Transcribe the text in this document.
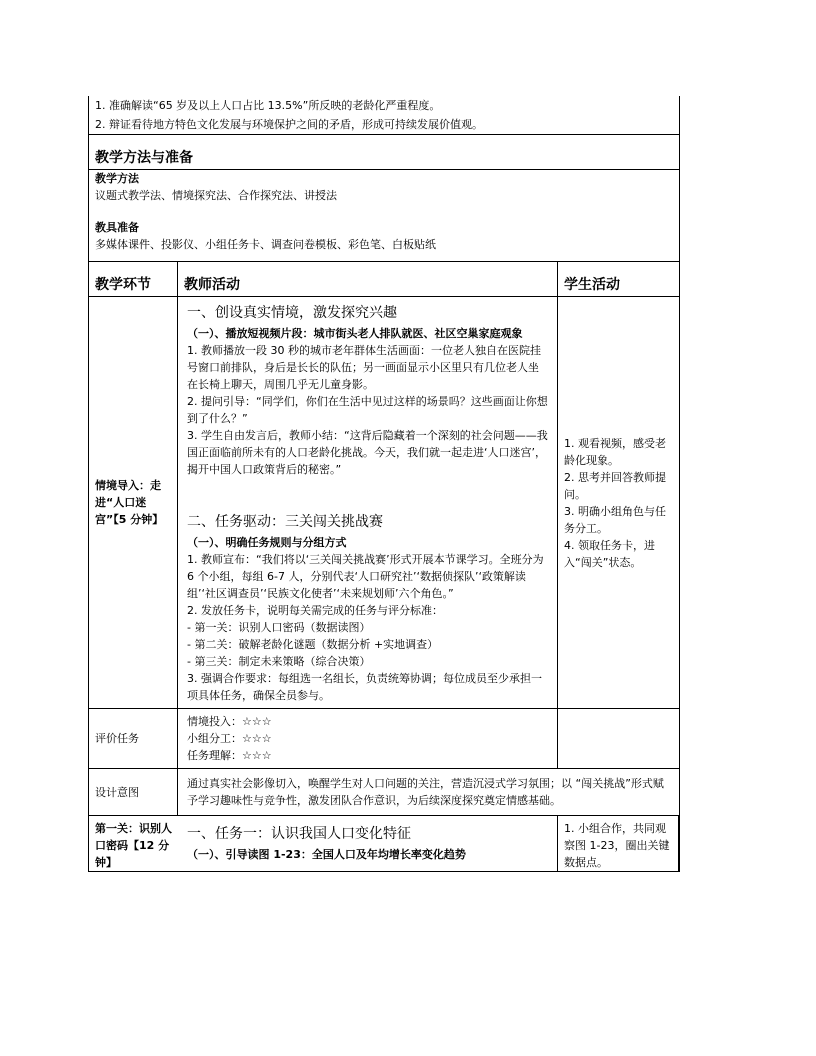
1. 准确解读“65 岁及以上人口占比 13.5%”所反映的老龄化严重程度。
2. 辩证看待地方特色文化发展与环境保护之间的矛盾，形成可持续发展价值观。
教学方法与准备
教学方法
议题式教学法、情境探究法、合作探究法、讲授法
教具准备
多媒体课件、投影仪、小组任务卡、调查问卷模板、彩色笔、白板贴纸
教学环节	教师活动	学生活动
情境导入：走进“人口迷宫”【5 分钟】
一、创设真实情境，激发探究兴趣
（一）、播放短视频片段：城市街头老人排队就医、社区空巢家庭观象
1. 教师播放一段 30 秒的城市老年群体生活画面：一位老人独自在医院挂号窗口前排队，身后是长长的队伍；另一画面显示小区里只有几位老人坐在长椅上聊天，周围几乎无儿童身影。
2. 提问引导：“同学们，你们在生活中见过这样的场景吗？这些画面让你想到了什么？”
3. 学生自由发言后，教师小结：“这背后隐藏着一个深刻的社会问题——我国正面临前所未有的人口老龄化挑战。今天，我们就一起走进‘人口迷宫’，揭开中国人口政策背后的秘密。”
二、任务驱动：三关闯关挑战赛
（一）、明确任务规则与分组方式
1. 教师宣布：“我们将以‘三关闯关挑战赛’形式开展本节课学习。全班分为 6 个小组，每组 6-7 人，分别代表‘人口研究社’‘数据侦探队’‘政策解读组’‘社区调查员’‘民族文化使者’‘未来规划师’六个角色。”
2. 发放任务卡，说明每关需完成的任务与评分标准：
- 第一关：识别人口密码（数据读图）
- 第二关：破解老龄化谜题（数据分析 +实地调查）
- 第三关：制定未来策略（综合决策）
3. 强调合作要求：每组选一名组长，负责统筹协调；每位成员至少承担一项具体任务，确保全员参与。
1. 观看视频，感受老龄化现象。
2. 思考并回答教师提问。
3. 明确小组角色与任务分工。
4. 领取任务卡，进入“闯关”状态。
评价任务
情境投入：☆☆☆
小组分工：☆☆☆
任务理解：☆☆☆
设计意图
通过真实社会影像切入，唤醒学生对人口问题的关注，营造沉浸式学习氛围；以 “闯关挑战”形式赋予学习趣味性与竞争性，激发团队合作意识，为后续深度探究奠定情感基础。
第一关：识别人口密码【12 分钟】
一、任务一：认识我国人口变化特征
（一）、引导读图 1-23：全国人口及年均增长率变化趋势
1. 小组合作，共同观察图 1-23，圈出关键数据点。
